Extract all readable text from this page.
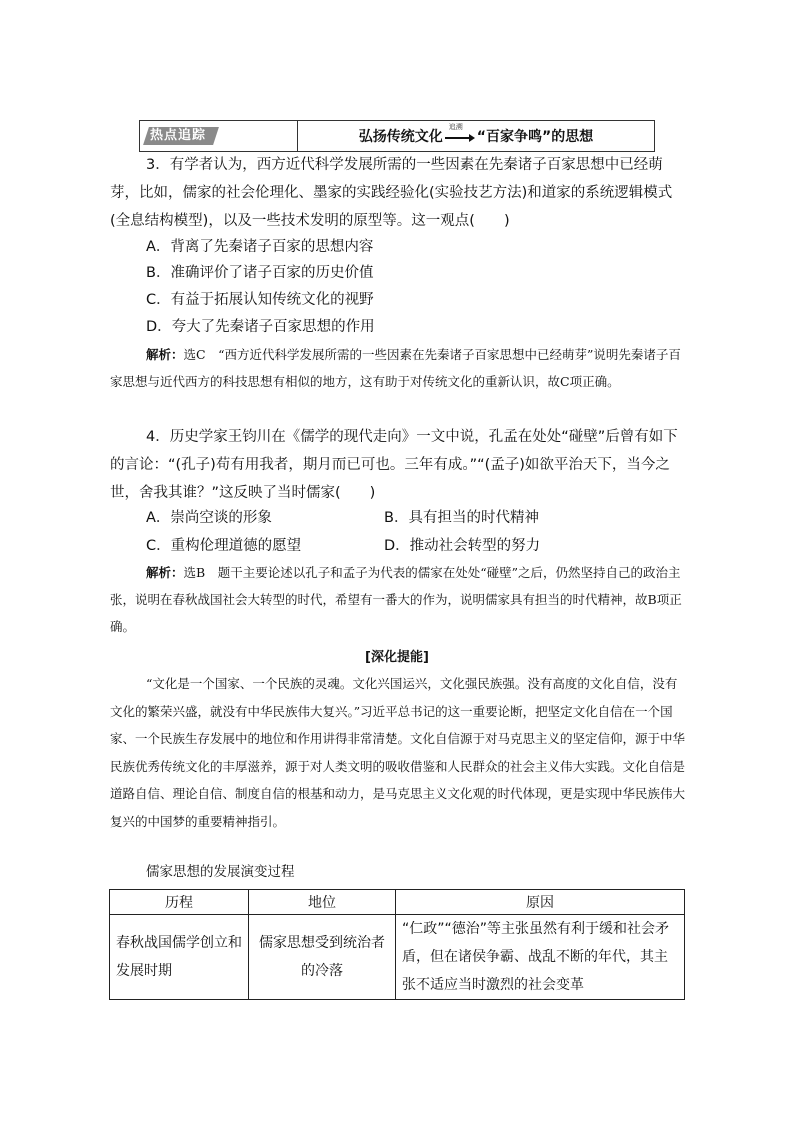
热点追踪	弘扬传统文化
追溯
“百家争鸣”的思想
3．有学者认为，西方近代科学发展所需的一些因素在先秦诸子百家思想中已经萌芽，比如，儒家的社会伦理化、墨家的实践经验化(实验技艺方法)和道家的系统逻辑模式(全息结构模型)，以及一些技术发明的原型等。这一观点(　　)
A．背离了先秦诸子百家的思想内容
B．准确评价了诸子百家的历史价值
C．有益于拓展认知传统文化的视野
D．夸大了先秦诸子百家思想的作用
解析：选C　“西方近代科学发展所需的一些因素在先秦诸子百家思想中已经萌芽”说明先秦诸子百家思想与近代西方的科技思想有相似的地方，这有助于对传统文化的重新认识，故C项正确。
4．历史学家王钧川在《儒学的现代走向》一文中说，孔孟在处处“碰壁”后曾有如下的言论：“(孔子)苟有用我者，期月而已可也。三年有成。”“(孟子)如欲平治天下，当今之世，舍我其谁？”这反映了当时儒家(　　)
A．崇尚空谈的形象	B．具有担当的时代精神
C．重构伦理道德的愿望	D．推动社会转型的努力
解析：选B　题干主要论述以孔子和孟子为代表的儒家在处处“碰壁”之后，仍然坚持自己的政治主张，说明在春秋战国社会大转型的时代，希望有一番大的作为，说明儒家具有担当的时代精神，故B项正确。
[深化提能]
“文化是一个国家、一个民族的灵魂。文化兴国运兴，文化强民族强。没有高度的文化自信，没有文化的繁荣兴盛，就没有中华民族伟大复兴。”习近平总书记的这一重要论断，把坚定文化自信在一个国家、一个民族生存发展中的地位和作用讲得非常清楚。文化自信源于对马克思主义的坚定信仰，源于中华民族优秀传统文化的丰厚滋养，源于对人类文明的吸收借鉴和人民群众的社会主义伟大实践。文化自信是道路自信、理论自信、制度自信的根基和动力，是马克思主义文化观的时代体现，更是实现中华民族伟大复兴的中国梦的重要精神指引。
儒家思想的发展演变过程
历程	地位	原因
春秋战国儒学创立和发展时期	儒家思想受到统治者的冷落	“仁政”“德治”等主张虽然有利于缓和社会矛盾，但在诸侯争霸、战乱不断的年代，其主张不适应当时激烈的社会变革
